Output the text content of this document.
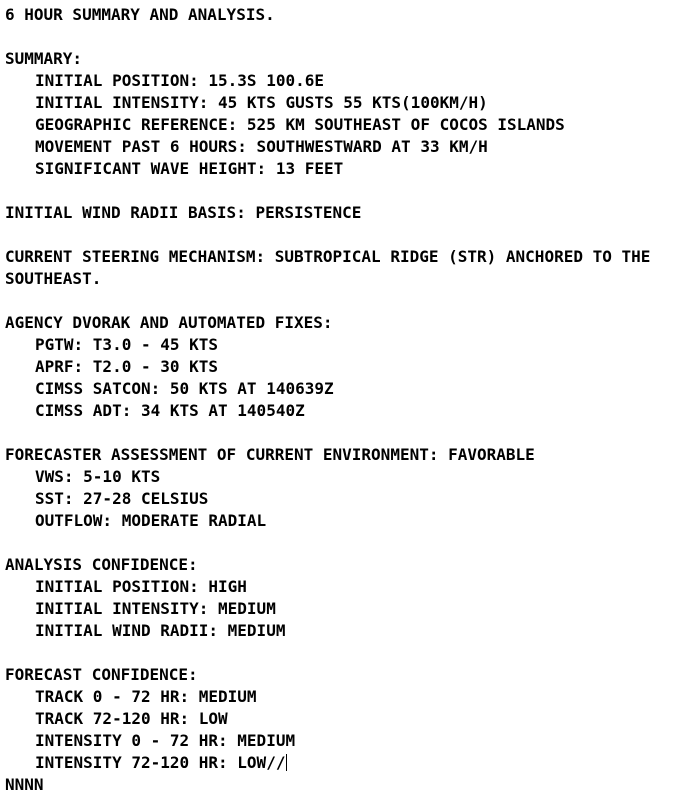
6 HOUR SUMMARY AND ANALYSIS.
SUMMARY:
INITIAL POSITION: 15.3S 100.6E
INITIAL INTENSITY: 45 KTS GUSTS 55 KTS(100KM/H)
GEOGRAPHIC REFERENCE: 525 KM SOUTHEAST OF COCOS ISLANDS
MOVEMENT PAST 6 HOURS: SOUTHWESTWARD AT 33 KM/H
SIGNIFICANT WAVE HEIGHT: 13 FEET
INITIAL WIND RADII BASIS: PERSISTENCE
CURRENT STEERING MECHANISM: SUBTROPICAL RIDGE (STR) ANCHORED TO THE
SOUTHEAST.
AGENCY DVORAK AND AUTOMATED FIXES:
PGTW: T3.0 - 45 KTS
APRF: T2.0 - 30 KTS
CIMSS SATCON: 50 KTS AT 140639Z
CIMSS ADT: 34 KTS AT 140540Z
FORECASTER ASSESSMENT OF CURRENT ENVIRONMENT: FAVORABLE
VWS: 5-10 KTS
SST: 27-28 CELSIUS
OUTFLOW: MODERATE RADIAL
ANALYSIS CONFIDENCE:
INITIAL POSITION: HIGH
INITIAL INTENSITY: MEDIUM
INITIAL WIND RADII: MEDIUM
FORECAST CONFIDENCE:
TRACK 0 - 72 HR: MEDIUM
TRACK 72-120 HR: LOW
INTENSITY 0 - 72 HR: MEDIUM
INTENSITY 72-120 HR: LOW//
NNNN
